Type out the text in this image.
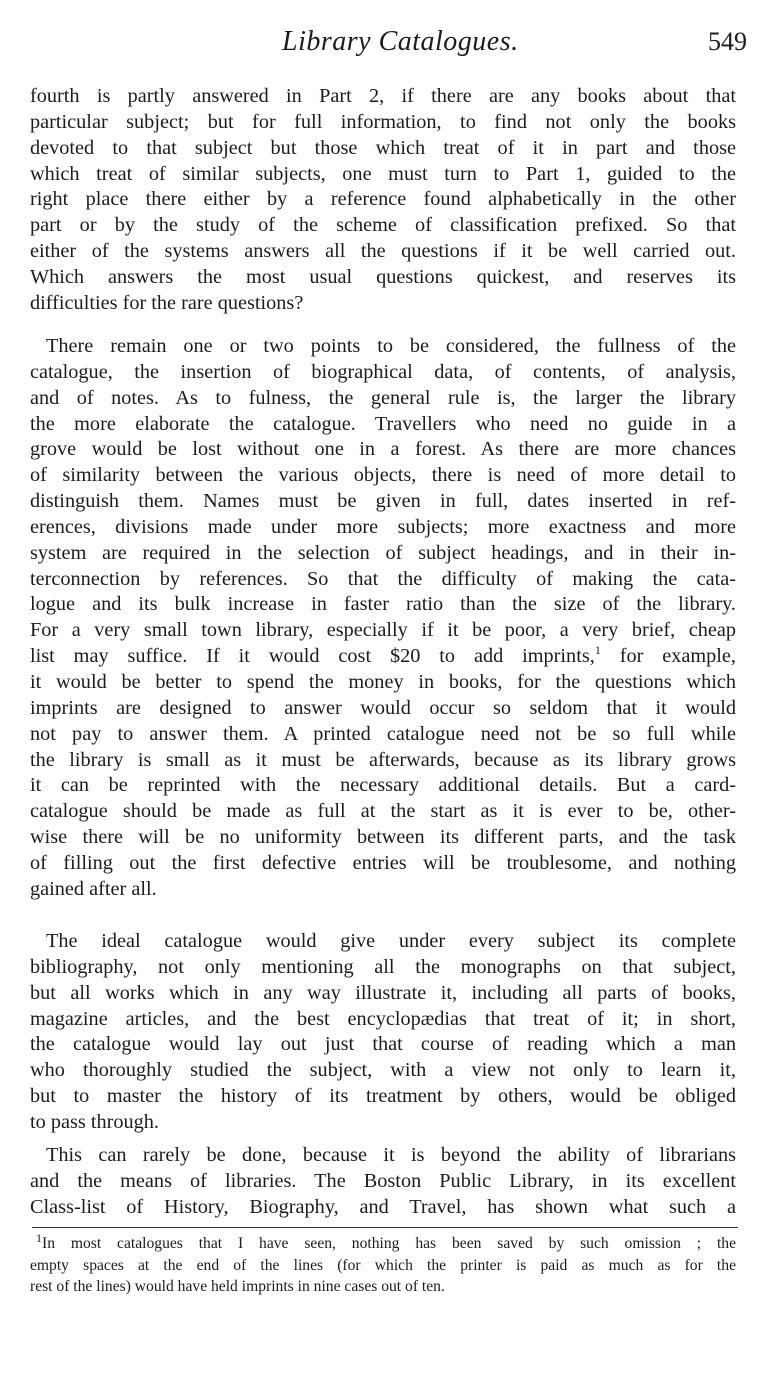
Library Catalogues.	549
fourth is partly answered in Part 2, if there are any books about that
particular subject; but for full information, to find not only the books
devoted to that subject but those which treat of it in part and those
which treat of similar subjects, one must turn to Part 1, guided to the
right place there either by a reference found alphabetically in the other
part or by the study of the scheme of classification prefixed. So that
either of the systems answers all the questions if it be well carried out.
Which answers the most usual questions quickest, and reserves its
difficulties for the rare questions?
There remain one or two points to be considered, the fullness of the
catalogue, the insertion of biographical data, of contents, of analysis,
and of notes. As to fulness, the general rule is, the larger the library
the more elaborate the catalogue. Travellers who need no guide in a
grove would be lost without one in a forest. As there are more chances
of similarity between the various objects, there is need of more detail to
distinguish them. Names must be given in full, dates inserted in ref-
erences, divisions made under more subjects; more exactness and more
system are required in the selection of subject headings, and in their in-
terconnection by references. So that the difficulty of making the cata-
logue and its bulk increase in faster ratio than the size of the library.
For a very small town library, especially if it be poor, a very brief, cheap
list may suffice. If it would cost $20 to add imprints,$^1$ for example,
it would be better to spend the money in books, for the questions which
imprints are designed to answer would occur so seldom that it would
not pay to answer them. A printed catalogue need not be so full while
the library is small as it must be afterwards, because as its library grows
it can be reprinted with the necessary additional details. But a card-
catalogue should be made as full at the start as it is ever to be, other-
wise there will be no uniformity between its different parts, and the task
of filling out the first defective entries will be troublesome, and nothing
gained after all.
The ideal catalogue would give under every subject its complete
bibliography, not only mentioning all the monographs on that subject,
but all works which in any way illustrate it, including all parts of books,
magazine articles, and the best encyclopædias that treat of it; in short,
the catalogue would lay out just that course of reading which a man
who thoroughly studied the subject, with a view not only to learn it,
but to master the history of its treatment by others, would be obliged
to pass through.
This can rarely be done, because it is beyond the ability of librarians
and the means of libraries. The Boston Public Library, in its excellent
Class-list of History, Biography, and Travel, has shown what such a
$^1$In most catalogues that I have seen, nothing has been saved by such omission ; the
empty spaces at the end of the lines (for which the printer is paid as much as for the
rest of the lines) would have held imprints in nine cases out of ten.
